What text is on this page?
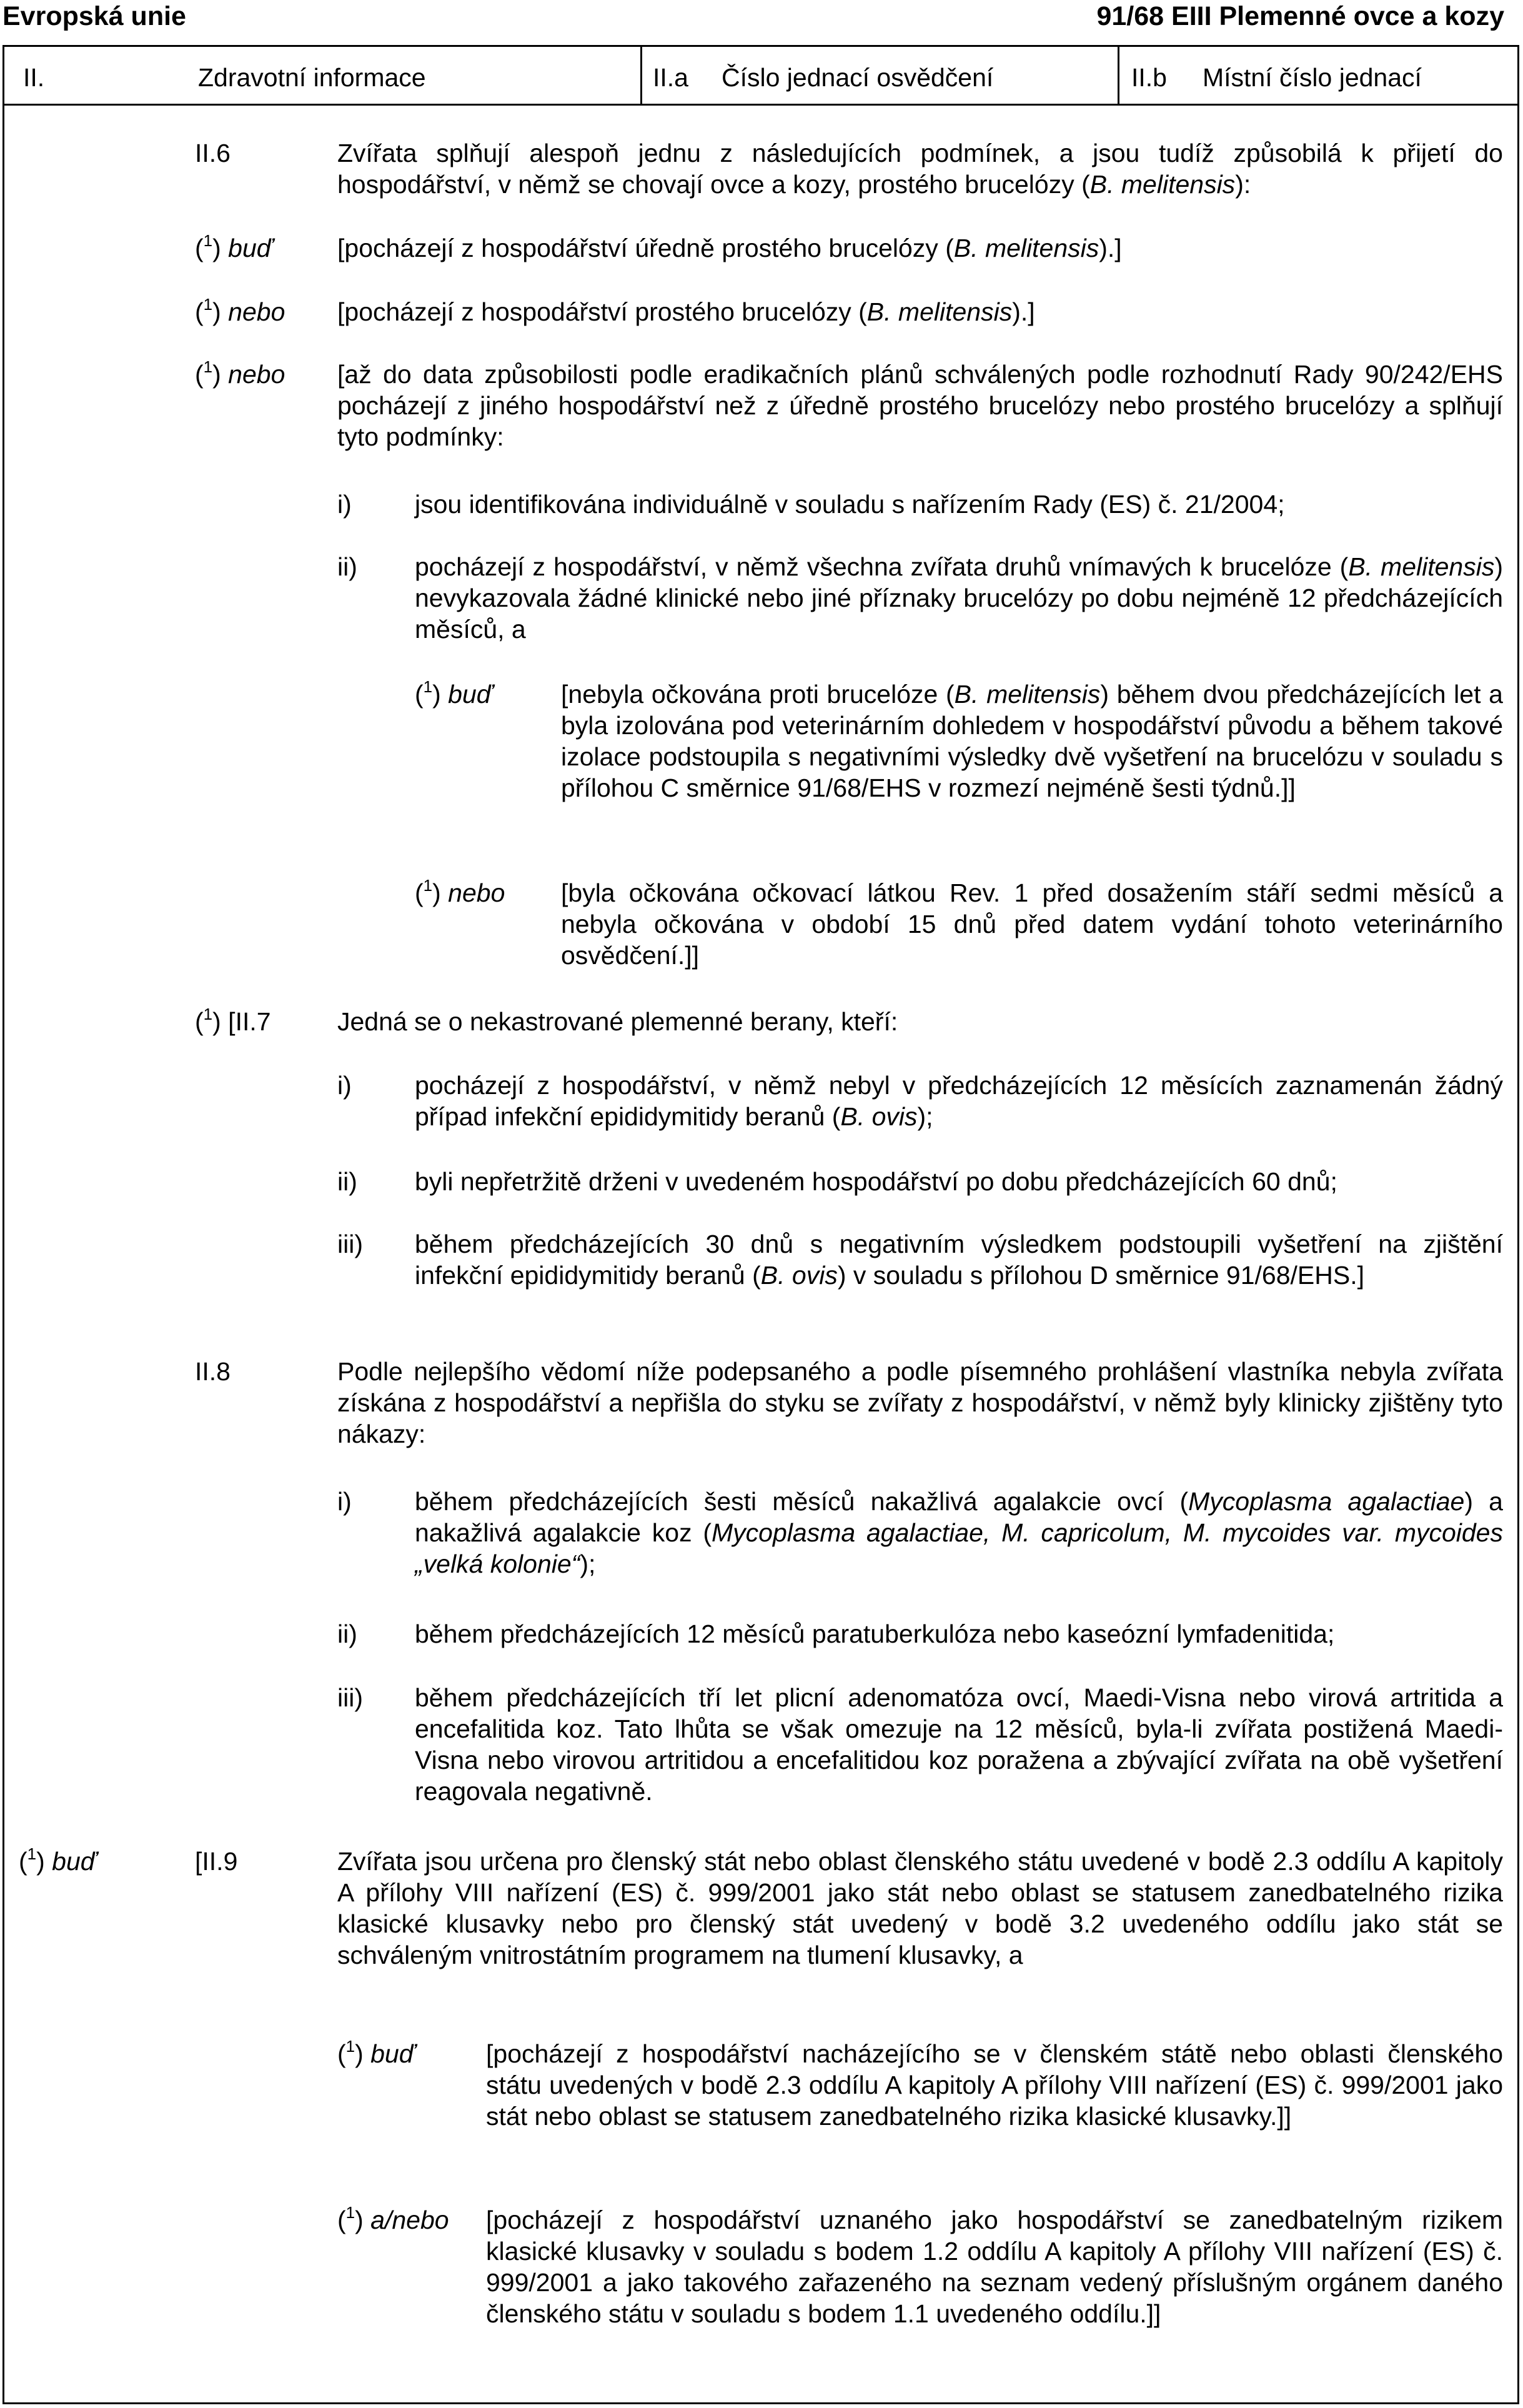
Evropská unie	91/68 EIII Plemenné ovce a kozy
II.	Zdravotní informace	II.a Číslo jednací osvědčení	II.b Místní číslo jednací
II.6	Zvířata splňují alespoň jednu z následujících podmínek, a jsou tudíž způsobilá k přijetí do hospodářství, v němž se chovají ovce a kozy, prostého brucelózy (B. melitensis):
($^1$) buď	[pocházejí z hospodářství úředně prostého brucelózy (B. melitensis).]
($^1$) nebo [pocházejí z hospodářství prostého brucelózy (B. melitensis).]
($^1$) nebo [až do data způsobilosti podle eradikačních plánů schválených podle rozhodnutí Rady 90/242/EHS pocházejí z jiného hospodářství než z úředně prostého brucelózy nebo prostého brucelózy a splňují tyto podmínky:
i) jsou identifikována individuálně v souladu s nařízením Rady (ES) č. 21/2004;
ii) pocházejí z hospodářství, v němž všechna zvířata druhů vnímavých k brucelóze (B. melitensis) nevykazovala žádné klinické nebo jiné příznaky brucelózy po dobu nejméně 12 předcházejících měsíců, a
($^1$) buď	[nebyla očkována proti brucelóze (B. melitensis) během dvou předcházejících let a byla izolována pod veterinárním dohledem v hospodářství původu a během takové izolace podstoupila s negativními výsledky dvě vyšetření na brucelózu v souladu s přílohou C směrnice 91/68/EHS v rozmezí nejméně šesti týdnů.]]
($^1$) nebo [byla očkována očkovací látkou Rev. 1 před dosažením stáří sedmi měsíců a nebyla očkována v období 15 dnů před datem vydání tohoto veterinárního osvědčení.]]
($^1$) [II.7	Jedná se o nekastrované plemenné berany, kteří:
i) pocházejí z hospodářství, v němž nebyl v předcházejících 12 měsících zaznamenán žádný případ infekční epididymitidy beranů (B. ovis);
ii) byli nepřetržitě drženi v uvedeném hospodářství po dobu předcházejících 60 dnů;
iii) během předcházejících 30 dnů s negativním výsledkem podstoupili vyšetření na zjištění infekční epididymitidy beranů (B. ovis) v souladu s přílohou D směrnice 91/68/EHS.]
II.8	Podle nejlepšího vědomí níže podepsaného a podle písemného prohlášení vlastníka nebyla zvířata získána z hospodářství a nepřišla do styku se zvířaty z hospodářství, v němž byly klinicky zjištěny tyto nákazy:
i) během předcházejících šesti měsíců nakažlivá agalakcie ovcí (Mycoplasma agalactiae) a nakažlivá agalakcie koz (Mycoplasma agalactiae, M. capricolum, M. mycoides var. mycoides „velká kolonie“);
ii) během předcházejících 12 měsíců paratuberkulóza nebo kaseózní lymfadenitida;
iii) během předcházejících tří let plicní adenomatóza ovcí, Maedi-Visna nebo virová artritida a encefalitida koz. Tato lhůta se však omezuje na 12 měsíců, byla-li zvířata postižená Maedi-Visna nebo virovou artritidou a encefalitidou koz poražena a zbývající zvířata na obě vyšetření reagovala negativně.
($^1$) buď	[II.9	Zvířata jsou určena pro členský stát nebo oblast členského státu uvedené v bodě 2.3 oddílu A kapitoly A přílohy VIII nařízení (ES) č. 999/2001 jako stát nebo oblast se statusem zanedbatelného rizika klasické klusavky nebo pro členský stát uvedený v bodě 3.2 uvedeného oddílu jako stát se schváleným vnitrostátním programem na tlumení klusavky, a
($^1$) buď	[pocházejí z hospodářství nacházejícího se v členském státě nebo oblasti členského státu uvedených v bodě 2.3 oddílu A kapitoly A přílohy VIII nařízení (ES) č. 999/2001 jako stát nebo oblast se statusem zanedbatelného rizika klasické klusavky.]]
($^1$) a/nebo [pocházejí z hospodářství uznaného jako hospodářství se zanedbatelným rizikem klasické klusavky v souladu s bodem 1.2 oddílu A kapitoly A přílohy VIII nařízení (ES) č. 999/2001 a jako takového zařazeného na seznam vedený příslušným orgánem daného členského státu v souladu s bodem 1.1 uvedeného oddílu.]]
